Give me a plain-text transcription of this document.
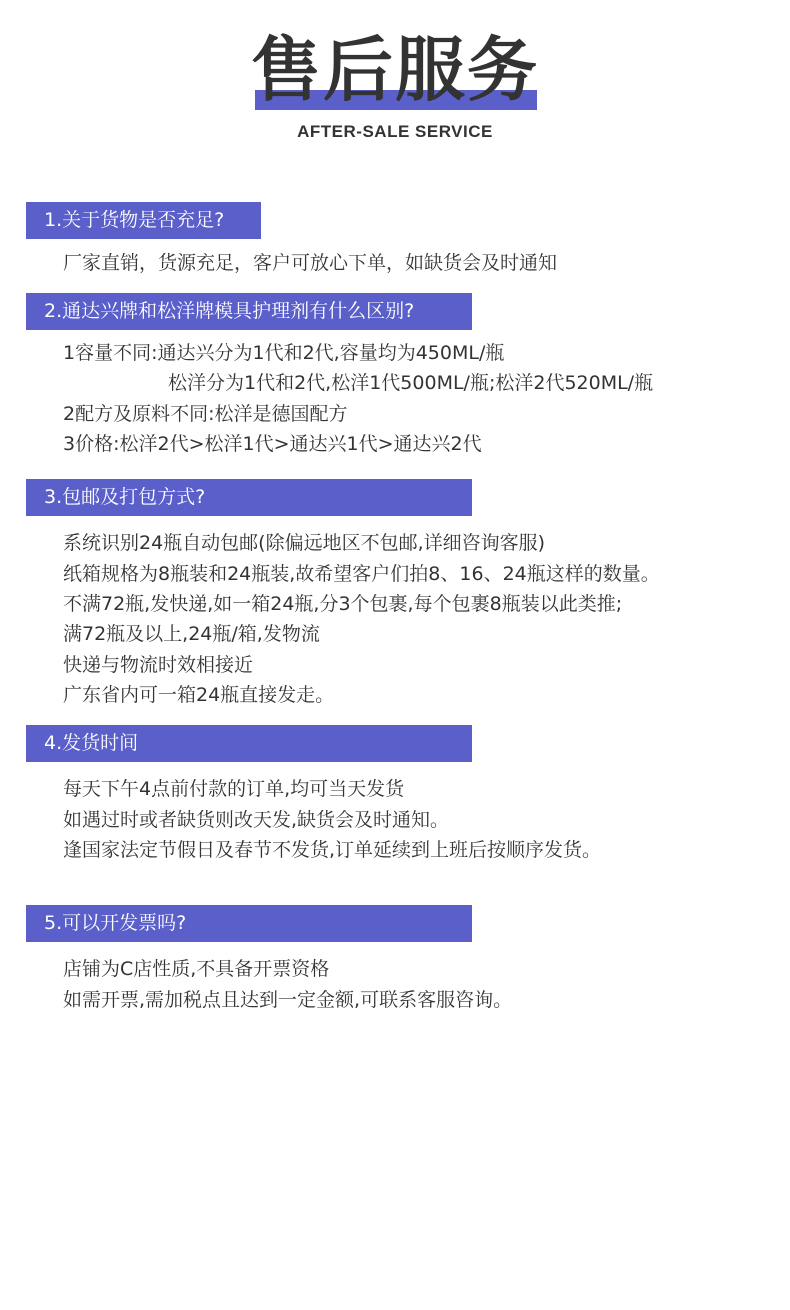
售后服务
AFTER-SALE SERVICE
1.关于货物是否充足?
厂家直销，货源充足，客户可放心下单，如缺货会及时通知
2.通达兴牌和松洋牌模具护理剂有什么区别?
1容量不同:通达兴分为1代和2代,容量均为450ML/瓶
松洋分为1代和2代,松洋1代500ML/瓶;松洋2代520ML/瓶
2配方及原料不同:松洋是德国配方
3价格:松洋2代>松洋1代>通达兴1代>通达兴2代
3.包邮及打包方式?
系统识别24瓶自动包邮(除偏远地区不包邮,详细咨询客服)
纸箱规格为8瓶装和24瓶装,故希望客户们拍8、16、24瓶这样的数量。
不满72瓶,发快递,如一箱24瓶,分3个包裹,每个包裹8瓶装以此类推;
满72瓶及以上,24瓶/箱,发物流
快递与物流时效相接近
广东省内可一箱24瓶直接发走。
4.发货时间
每天下午4点前付款的订单,均可当天发货
如遇过时或者缺货则改天发,缺货会及时通知。
逢国家法定节假日及春节不发货,订单延续到上班后按顺序发货。
5.可以开发票吗?
店铺为C店性质,不具备开票资格
如需开票,需加税点且达到一定金额,可联系客服咨询。
